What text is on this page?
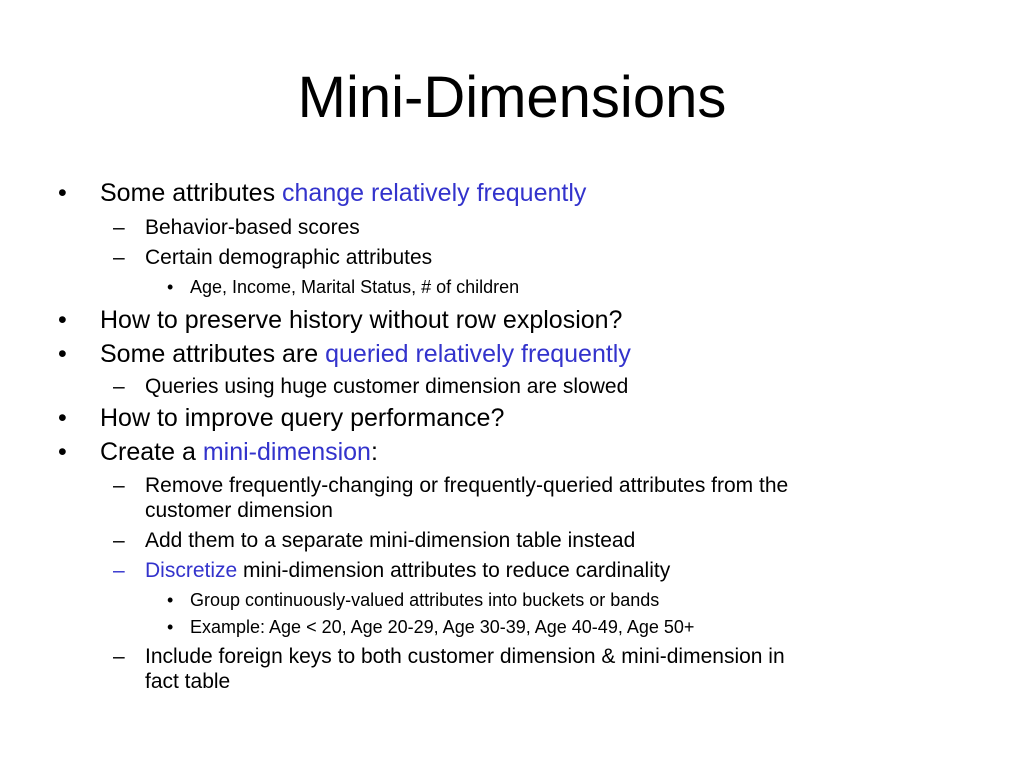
Mini-Dimensions
• Some attributes change relatively frequently
– Behavior-based scores
– Certain demographic attributes
• Age, Income, Marital Status, # of children
• How to preserve history without row explosion?
• Some attributes are queried relatively frequently
– Queries using huge customer dimension are slowed
• How to improve query performance?
• Create a mini-dimension:
– Remove frequently-changing or frequently-queried attributes from the
customer dimension
– Add them to a separate mini-dimension table instead
– Discretize mini-dimension attributes to reduce cardinality
• Group continuously-valued attributes into buckets or bands
• Example: Age < 20, Age 20-29, Age 30-39, Age 40-49, Age 50+
– Include foreign keys to both customer dimension & mini-dimension in
fact table
